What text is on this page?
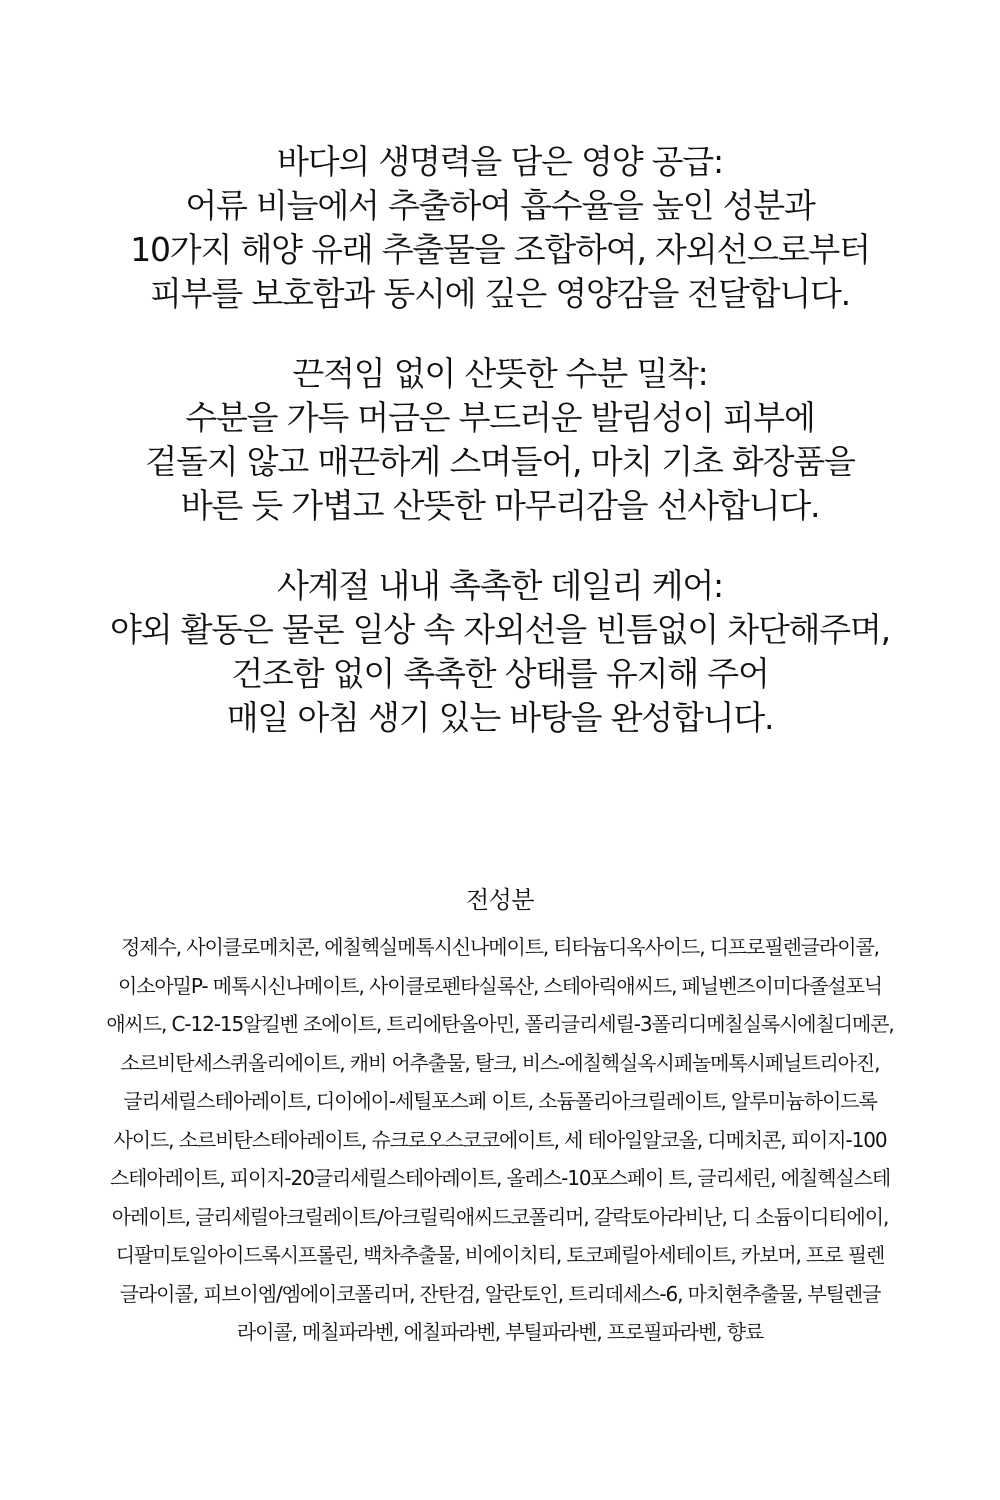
바다의 생명력을 담은 영양 공급:
어류 비늘에서 추출하여 흡수율을 높인 성분과
10가지 해양 유래 추출물을 조합하여, 자외선으로부터
피부를 보호함과 동시에 깊은 영양감을 전달합니다.
끈적임 없이 산뜻한 수분 밀착:
수분을 가득 머금은 부드러운 발림성이 피부에
겉돌지 않고 매끈하게 스며들어, 마치 기초 화장품을
바른 듯 가볍고 산뜻한 마무리감을 선사합니다.
사계절 내내 촉촉한 데일리 케어:
야외 활동은 물론 일상 속 자외선을 빈틈없이 차단해주며,
건조함 없이 촉촉한 상태를 유지해 주어
매일 아침 생기 있는 바탕을 완성합니다.
전성분
정제수, 사이클로메치콘, 에칠헥실메톡시신나메이트, 티타늄디옥사이드, 디프로필렌글라이콜,
이소아밀P- 메톡시신나메이트, 사이클로펜타실록산, 스테아릭애씨드, 페닐벤즈이미다졸설포닉
애씨드, C-12-15알킬벤 조에이트, 트리에탄올아민, 폴리글리세릴-3폴리디메칠실록시에칠디메콘,
소르비탄세스퀴올리에이트, 캐비 어추출물, 탈크, 비스-에칠헥실옥시페놀메톡시페닐트리아진,
글리세릴스테아레이트, 디이에이-세틸포스페 이트, 소듐폴리아크릴레이트, 알루미늄하이드록
사이드, 소르비탄스테아레이트, 슈크로오스코코에이트, 세 테아일알코올, 디메치콘, 피이지-100
스테아레이트, 피이지-20글리세릴스테아레이트, 올레스-10포스페이 트, 글리세린, 에칠헥실스테
아레이트, 글리세릴아크릴레이트/아크릴릭애씨드코폴리머, 갈락토아라비난, 디 소듐이디티에이,
디팔미토일아이드록시프롤린, 백차추출물, 비에이치티, 토코페릴아세테이트, 카보머, 프로 필렌
글라이콜, 피브이엠/엠에이코폴리머, 잔탄검, 알란토인, 트리데세스-6, 마치현추출물, 부틸렌글
라이콜, 메칠파라벤, 에칠파라벤, 부틸파라벤, 프로필파라벤, 향료
